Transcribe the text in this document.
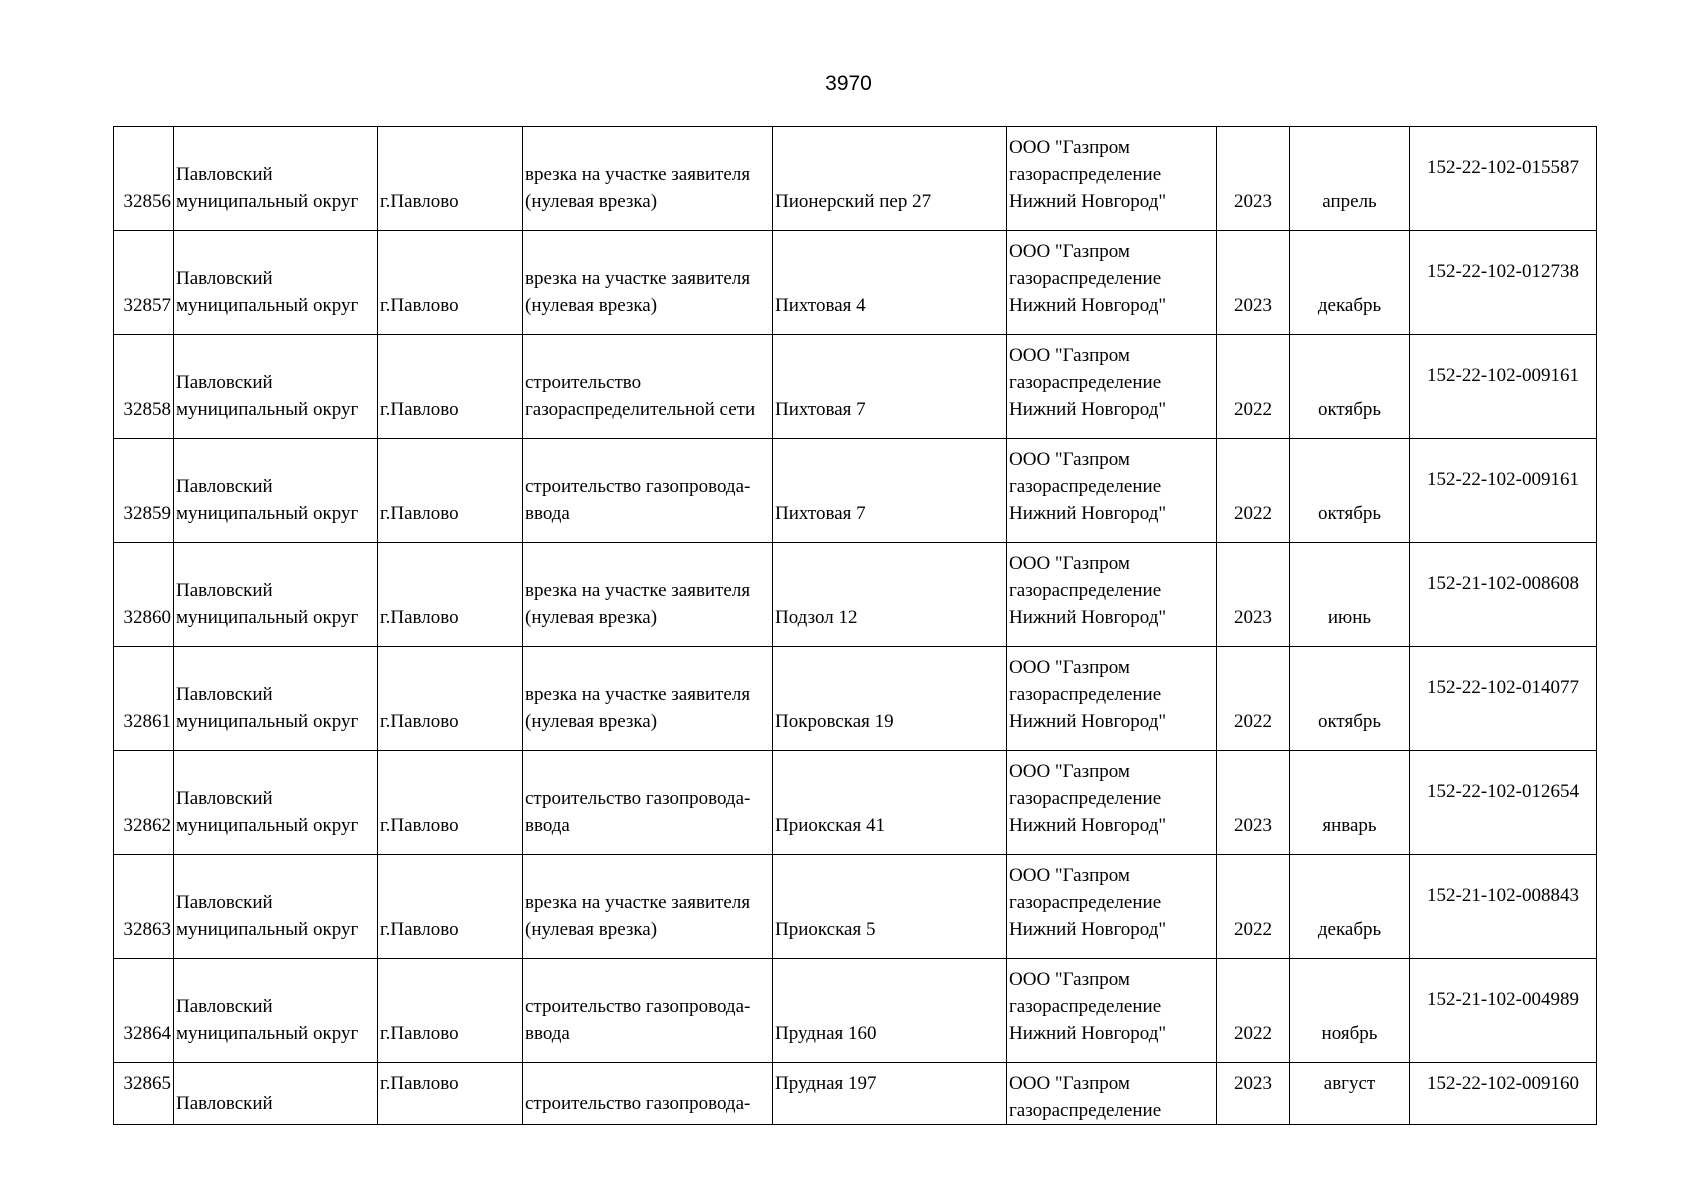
3970
32856	Павловский
муниципальный округ	г.Павлово	врезка на участке заявителя
(нулевая врезка)	Пионерский пер 27	ООО "Газпром
газораспределение
Нижний Новгород"	2023	апрель	152-22-102-015587

32857	Павловский
муниципальный округ	г.Павлово	врезка на участке заявителя
(нулевая врезка)	Пихтовая 4	ООО "Газпром
газораспределение
Нижний Новгород"	2023	декабрь	152-22-102-012738

32858	Павловский
муниципальный округ	г.Павлово	строительство
газораспределительной сети	Пихтовая 7	ООО "Газпром
газораспределение
Нижний Новгород"	2022	октябрь	152-22-102-009161

32859	Павловский
муниципальный округ	г.Павлово	строительство газопровода-
ввода	Пихтовая 7	ООО "Газпром
газораспределение
Нижний Новгород"	2022	октябрь	152-22-102-009161

32860	Павловский
муниципальный округ	г.Павлово	врезка на участке заявителя
(нулевая врезка)	Подзол 12	ООО "Газпром
газораспределение
Нижний Новгород"	2023	июнь	152-21-102-008608

32861	Павловский
муниципальный округ	г.Павлово	врезка на участке заявителя
(нулевая врезка)	Покровская 19	ООО "Газпром
газораспределение
Нижний Новгород"	2022	октябрь	152-22-102-014077

32862	Павловский
муниципальный округ	г.Павлово	строительство газопровода-
ввода	Приокская 41	ООО "Газпром
газораспределение
Нижний Новгород"	2023	январь	152-22-102-012654

32863	Павловский
муниципальный округ	г.Павлово	врезка на участке заявителя
(нулевая врезка)	Приокская 5	ООО "Газпром
газораспределение
Нижний Новгород"	2022	декабрь	152-21-102-008843

32864	Павловский
муниципальный округ	г.Павлово	строительство газопровода-
ввода	Прудная 160	ООО "Газпром
газораспределение
Нижний Новгород"	2022	ноябрь	152-21-102-004989

32865	Павловский	г.Павлово	строительство газопровода-	Прудная 197	ООО "Газпром
газораспределение	2023	август	152-22-102-009160
